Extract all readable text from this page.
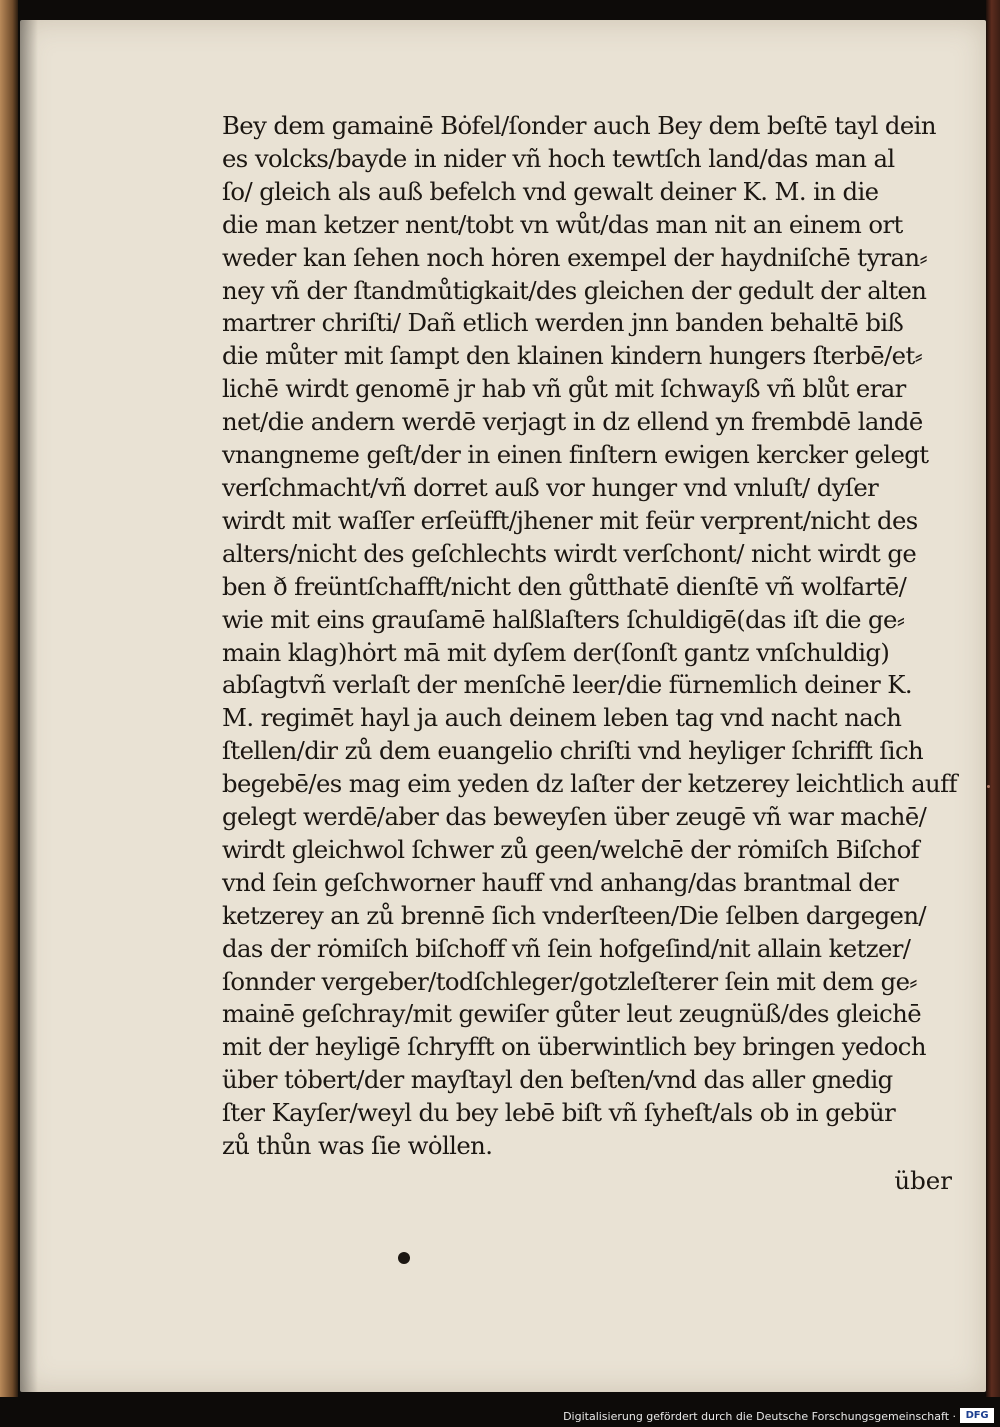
Bey dem gamainē Bȯfel/ſonder auch Bey dem beſtē tayl dein
es volcks/bayde in nider vñ hoch tewtſch land/das man al
ſo/ gleich als auß befelch vnd gewalt deiner K. M. in die
die man ketzer nent/tobt vn wůt/das man nit an einem ort
weder kan ſehen noch hȯren exempel der haydniſchē tyran⸗
ney vñ der ſtandmůtigkait/des gleichen der gedult der alten
martrer chriſti/ Dañ etlich werden jnn banden behaltē biß
die můter mit ſampt den klainen kindern hungers ſterbē/et⸗
lichē wirdt genomē jr hab vñ gůt mit ſchwayß vñ blůt erar
net/die andern werdē verjagt in dz ellend yn frembdē landē
vnangneme geſt/der in einen finſtern ewigen kercker gelegt
verſchmacht/vñ dorret auß vor hunger vnd vnluſt/ dyſer
wirdt mit waſſer erſeüfft/jhener mit feür verprent/nicht des
alters/nicht des geſchlechts wirdt verſchont/ nicht wirdt ge
ben ð freüntſchafft/nicht den gůtthatē dienſtē vñ wolfartē/
wie mit eins grauſamē halßlaſters ſchuldigē(das iſt die ge⸗
main klag)hȯrt mā mit dyſem der(ſonſt gantz vnſchuldig)
abſagtvñ verlaſt der menſchē leer/die fürnemlich deiner K.
M. regimēt hayl ja auch deinem leben tag vnd nacht nach
ſtellen/dir zů dem euangelio chriſti vnd heyliger ſchrifft ſich
begebē/es mag eim yeden dz laſter der ketzerey leichtlich auff
gelegt werdē/aber das beweyſen über zeugē vñ war machē/
wirdt gleichwol ſchwer zů geen/welchē der rȯmiſch Biſchof
vnd ſein geſchworner hauff vnd anhang/das brantmal der
ketzerey an zů brennē ſich vnderſteen/Die ſelben dargegen/
das der rȯmiſch biſchoff vñ ſein hofgeſind/nit allain ketzer/
ſonnder vergeber/todſchleger/gotzleſterer ſein mit dem ge⸗
mainē geſchray/mit gewiſer gůter leut zeugnüß/des gleichē
mit der heyligē ſchryfft on überwintlich bey bringen yedoch
über tȯbert/der mayſtayl den beſten/vnd das aller gnedig
ſter Kayſer/weyl du bey lebē biſt vñ ſyheſt/als ob in gebür
zů thůn was ſie wȯllen.
über
Digitalisierung gefördert durch die Deutsche Forschungsgemeinschaft · DFG
